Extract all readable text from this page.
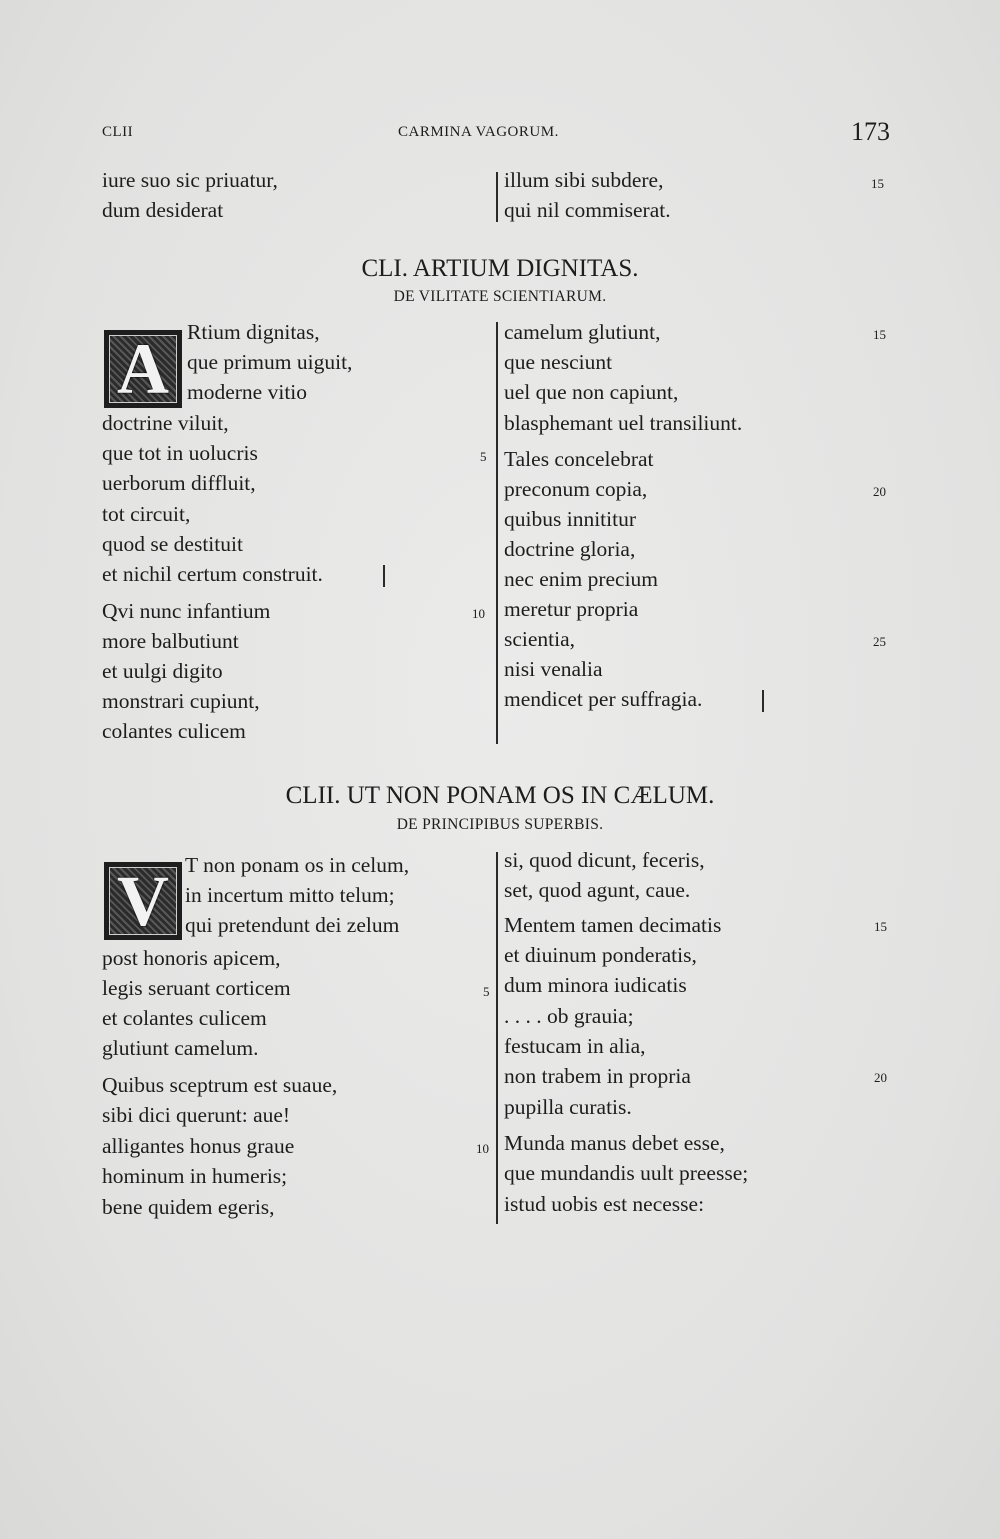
CLII	CARMINA VAGORUM.	173
iure suo sic priuatur,
dum desiderat
illum sibi subdere,
qui nil commiserat.
15
CLI. ARTIUM DIGNITAS.
DE VILITATE SCIENTIARUM.
A Rtium dignitas,
que primum uiguit,
moderne vitio
doctrine viluit,
que tot in uolucris
uerborum diffluit,
tot circuit,
quod se destituit
et nichil certum construit.
Qvi nunc infantium
more balbutiunt
et uulgi digito
monstrari cupiunt,
colantes culicem
5
10
camelum glutiunt,
que nesciunt
uel que non capiunt,
blasphemant uel transiliunt.
Tales concelebrat
preconum copia,
quibus innititur
doctrine gloria,
nec enim precium
meretur propria
scientia,
nisi venalia
mendicet per suffragia.
15
20
25
CLII. UT NON PONAM OS IN CÆLUM.
DE PRINCIPIBUS SUPERBIS.
V T non ponam os in celum,
in incertum mitto telum;
qui pretendunt dei zelum
post honoris apicem,
legis seruant corticem
et colantes culicem
glutiunt camelum.
Quibus sceptrum est suaue,
sibi dici querunt: aue!
alligantes honus graue
hominum in humeris;
bene quidem egeris,
5
10
si, quod dicunt, feceris,
set, quod agunt, caue.
Mentem tamen decimatis
et diuinum ponderatis,
dum minora iudicatis
. . . . ob grauia;
festucam in alia,
non trabem in propria
pupilla curatis.
Munda manus debet esse,
que mundandis uult preesse;
istud uobis est necesse:
15
20
